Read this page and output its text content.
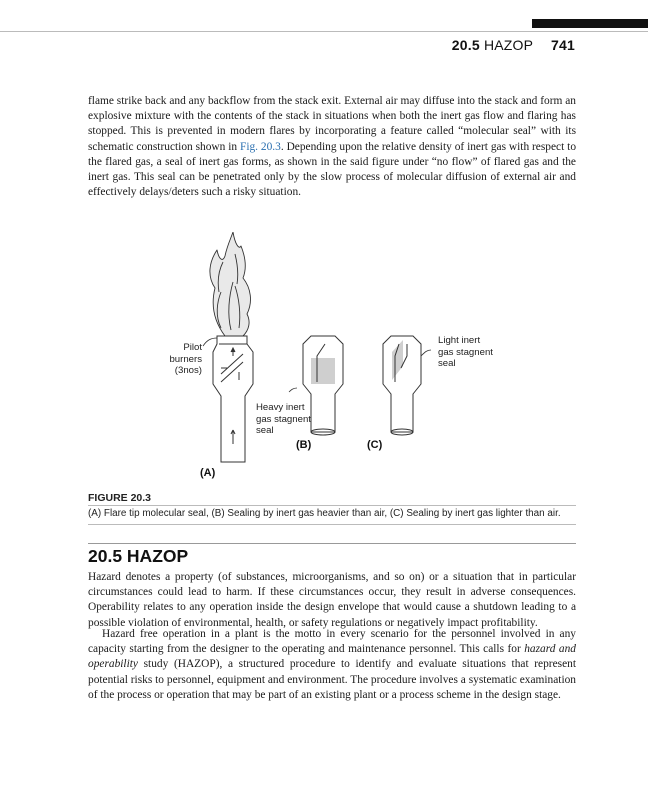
20.5 HAZOP 741
flame strike back and any backflow from the stack exit. External air may diffuse into the stack and form an explosive mixture with the contents of the stack in situations when both the inert gas flow and flaring has stopped. This is prevented in modern flares by incorporating a feature called “molecular seal” with its schematic construction shown in Fig. 20.3. Depending upon the relative density of inert gas with respect to the flared gas, a seal of inert gas forms, as shown in the said figure under “no flow” of flared gas and the inert gas. This seal can be penetrated only by the slow process of molecular diffusion of external air and effectively delays/deters such a risky situation.
Pilot
burners
(3nos)
Heavy inert
gas stagnent
seal
Light inert
gas stagnent
seal
(A)
(B)	(C)
FIGURE 20.3
(A) Flare tip molecular seal, (B) Sealing by inert gas heavier than air, (C) Sealing by inert gas lighter than air.
20.5 HAZOP
Hazard denotes a property (of substances, microorganisms, and so on) or a situation that in particular circumstances could lead to harm. If these circumstances occur, they result in adverse consequences. Operability relates to any operation inside the design envelope that would cause a shutdown leading to a possible violation of environmental, health, or safety regulations or negatively impact profitability.
Hazard free operation in a plant is the motto in every scenario for the personnel involved in any capacity starting from the designer to the operating and maintenance personnel. This calls for hazard and operability study (HAZOP), a structured procedure to identify and evaluate situations that represent potential risks to personnel, equipment and environment. The procedure involves a systematic examination of the process or operation that may be part of an existing plant or a process scheme in the design stage.
